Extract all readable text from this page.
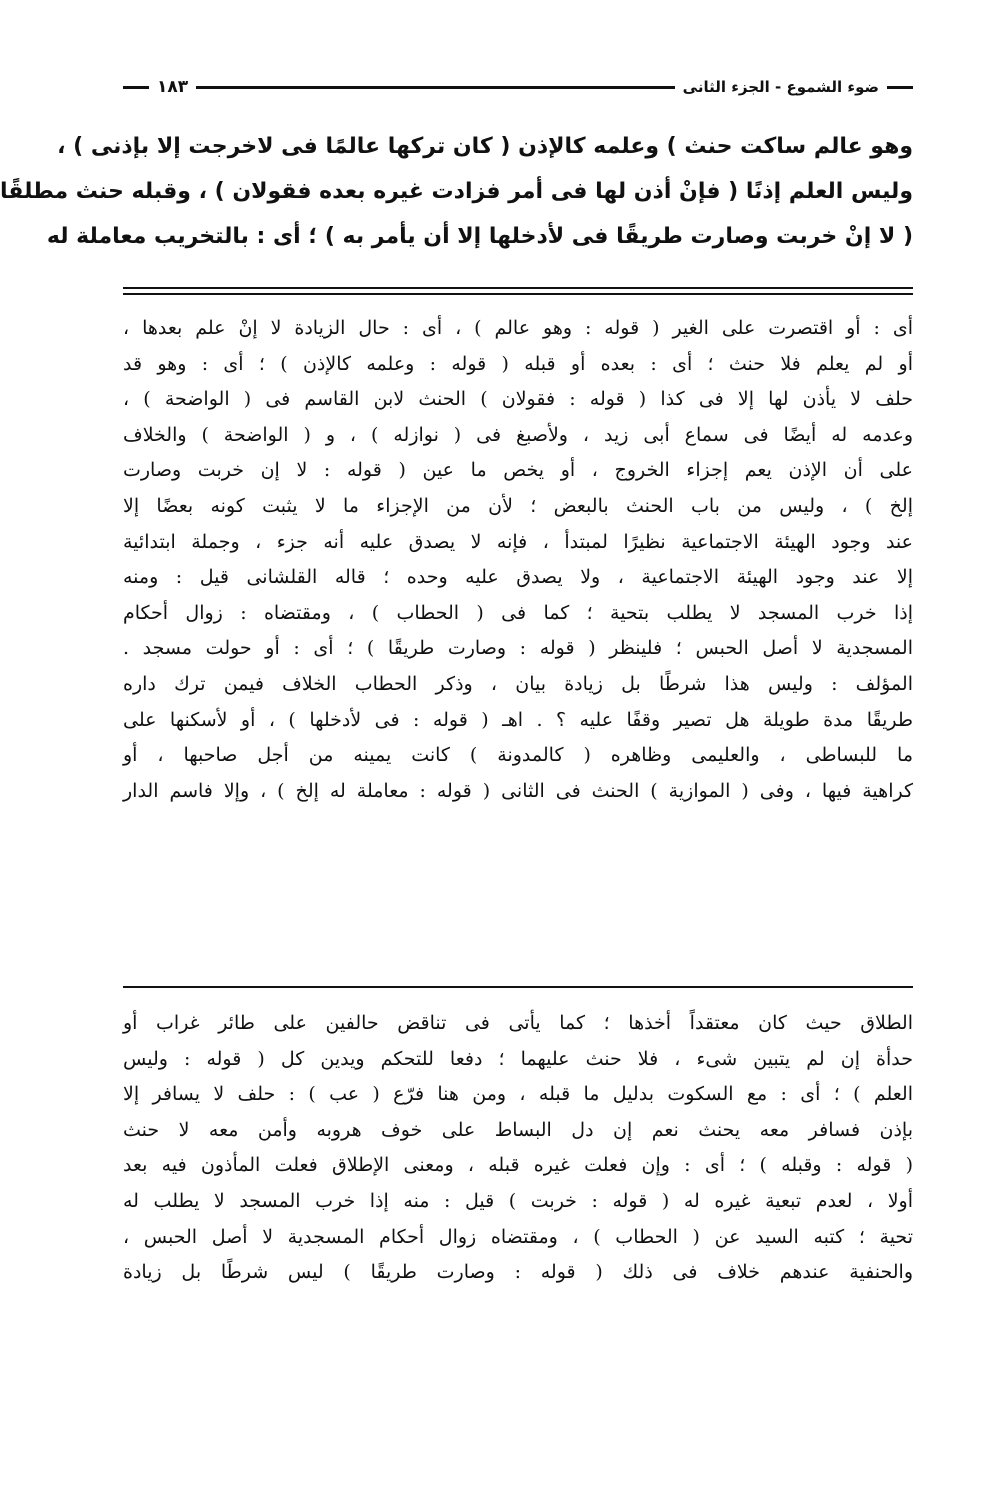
ضوء الشموع - الجزء الثانى
١٨٣
وهو عالم ساكت حنث ) وعلمه كالإذن ( كان تركها عالمًا فى لاخرجت إلا بإذنى ) ،
وليس العلم إذنًا ( فإنْ أذن لها فى أمر فزادت غيره بعده فقولان ) ، وقبله حنث مطلقًا
( لا إنْ خربت وصارت طريقًا فى لأدخلها إلا أن يأمر به ) ؛ أى : بالتخريب معاملة له
أى : أو اقتصرت على الغير ( قوله : وهو عالم ) ، أى : حال الزيادة لا إنْ علم بعدها ،
أو لم يعلم فلا حنث ؛ أى : بعده أو قبله ( قوله : وعلمه كالإذن ) ؛ أى : وهو قد
حلف لا يأذن لها إلا فى كذا ( قوله : فقولان ) الحنث لابن القاسم فى ( الواضحة ) ،
وعدمه له أيضًا فى سماع أبى زيد ، ولأصبغ فى ( نوازله ) ، و ( الواضحة ) والخلاف
على أن الإذن يعم إجزاء الخروج ، أو يخص ما عين ( قوله : لا إن خربت وصارت
إلخ ) ، وليس من باب الحنث بالبعض ؛ لأن من الإجزاء ما لا يثبت كونه بعضًا إلا
عند وجود الهيئة الاجتماعية نظيرًا لمبتدأ ، فإنه لا يصدق عليه أنه جزء ، وجملة ابتدائية
إلا عند وجود الهيئة الاجتماعية ، ولا يصدق عليه وحده ؛ قاله القلشانى قيل : ومنه
إذا خرب المسجد لا يطلب بتحية ؛ كما فى ( الحطاب ) ، ومقتضاه : زوال أحكام
المسجدية لا أصل الحبس ؛ فلينظر ( قوله : وصارت طريقًا ) ؛ أى : أو حولت مسجد .
المؤلف : وليس هذا شرطًا بل زيادة بيان ، وذكر الحطاب الخلاف فيمن ترك داره
طريقًا مدة طويلة هل تصير وقفًا عليه ؟ . اهـ ( قوله : فى لأدخلها ) ، أو لأسكنها على
ما للبساطى ، والعليمى وظاهره ( كالمدونة ) كانت يمينه من أجل صاحبها ، أو
كراهية فيها ، وفى ( الموازية ) الحنث فى الثانى ( قوله : معاملة له إلخ ) ، وإلا فاسم الدار
الطلاق حيث كان معتقداً أخذها ؛ كما يأتى فى تناقض حالفين على طائر غراب أو
حدأة إن لم يتبين شىء ، فلا حنث عليهما ؛ دفعا للتحكم ويدين كل ( قوله : وليس
العلم ) ؛ أى : مع السكوت بدليل ما قبله ، ومن هنا فرّع ( عب ) : حلف لا يسافر إلا
بإذن فسافر معه يحنث نعم إن دل البساط على خوف هروبه وأمن معه لا حنث
( قوله : وقبله ) ؛ أى : وإن فعلت غيره قبله ، ومعنى الإطلاق فعلت المأذون فيه بعد
أولا ، لعدم تبعية غيره له ( قوله : خربت ) قيل : منه إذا خرب المسجد لا يطلب له
تحية ؛ كتبه السيد عن ( الحطاب ) ، ومقتضاه زوال أحكام المسجدية لا أصل الحبس ،
والحنفية عندهم خلاف فى ذلك ( قوله : وصارت طريقًا ) ليس شرطًا بل زيادة
